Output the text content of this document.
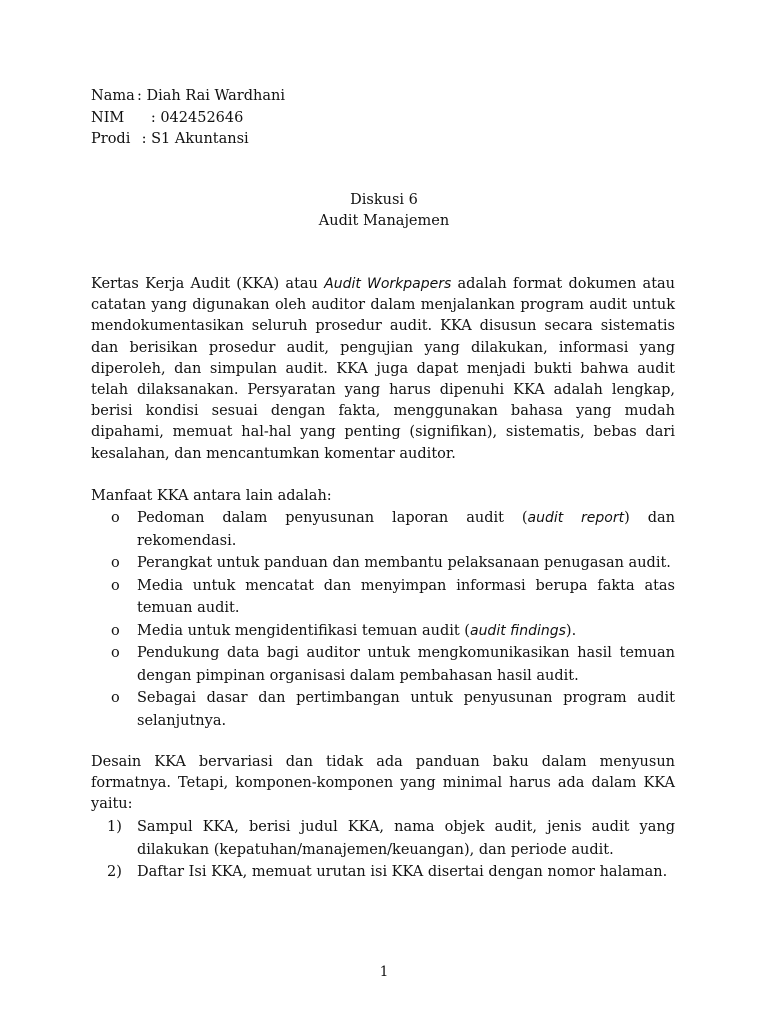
Nama : Diah Rai Wardhani
NIM   : 042452646
Prodi : S1 Akuntansi
Diskusi 6
Audit Manajemen

Kertas Kerja Audit (KKA) atau Audit Workpapers adalah format dokumen atau catatan yang digunakan oleh auditor dalam menjalankan program audit untuk mendokumentasikan seluruh prosedur audit. KKA disusun secara sistematis dan berisikan prosedur audit, pengujian yang dilakukan, informasi yang diperoleh, dan simpulan audit. KKA juga dapat menjadi bukti bahwa audit telah dilaksanakan. Persyaratan yang harus dipenuhi KKA adalah lengkap, berisi kondisi sesuai dengan fakta, menggunakan bahasa yang mudah dipahami, memuat hal-hal yang penting (signifikan), sistematis, bebas dari kesalahan, dan mencantumkan komentar auditor.

Manfaat KKA antara lain adalah:

o Pedoman dalam penyusunan laporan audit (audit report) dan rekomendasi.
o Perangkat untuk panduan dan membantu pelaksanaan penugasan audit.
o Media untuk mencatat dan menyimpan informasi berupa fakta atas temuan audit.
o Media untuk mengidentifikasi temuan audit (audit findings).
o Pendukung data bagi auditor untuk mengkomunikasikan hasil temuan dengan pimpinan organisasi dalam pembahasan hasil audit.
o Sebagai dasar dan pertimbangan untuk penyusunan program audit selanjutnya.

Desain KKA bervariasi dan tidak ada panduan baku dalam menyusun formatnya. Tetapi, komponen-komponen yang minimal harus ada dalam KKA yaitu:

1) Sampul KKA, berisi judul KKA, nama objek audit, jenis audit yang dilakukan (kepatuhan/manajemen/keuangan), dan periode audit.
2) Daftar Isi KKA, memuat urutan isi KKA disertai dengan nomor halaman.
1
